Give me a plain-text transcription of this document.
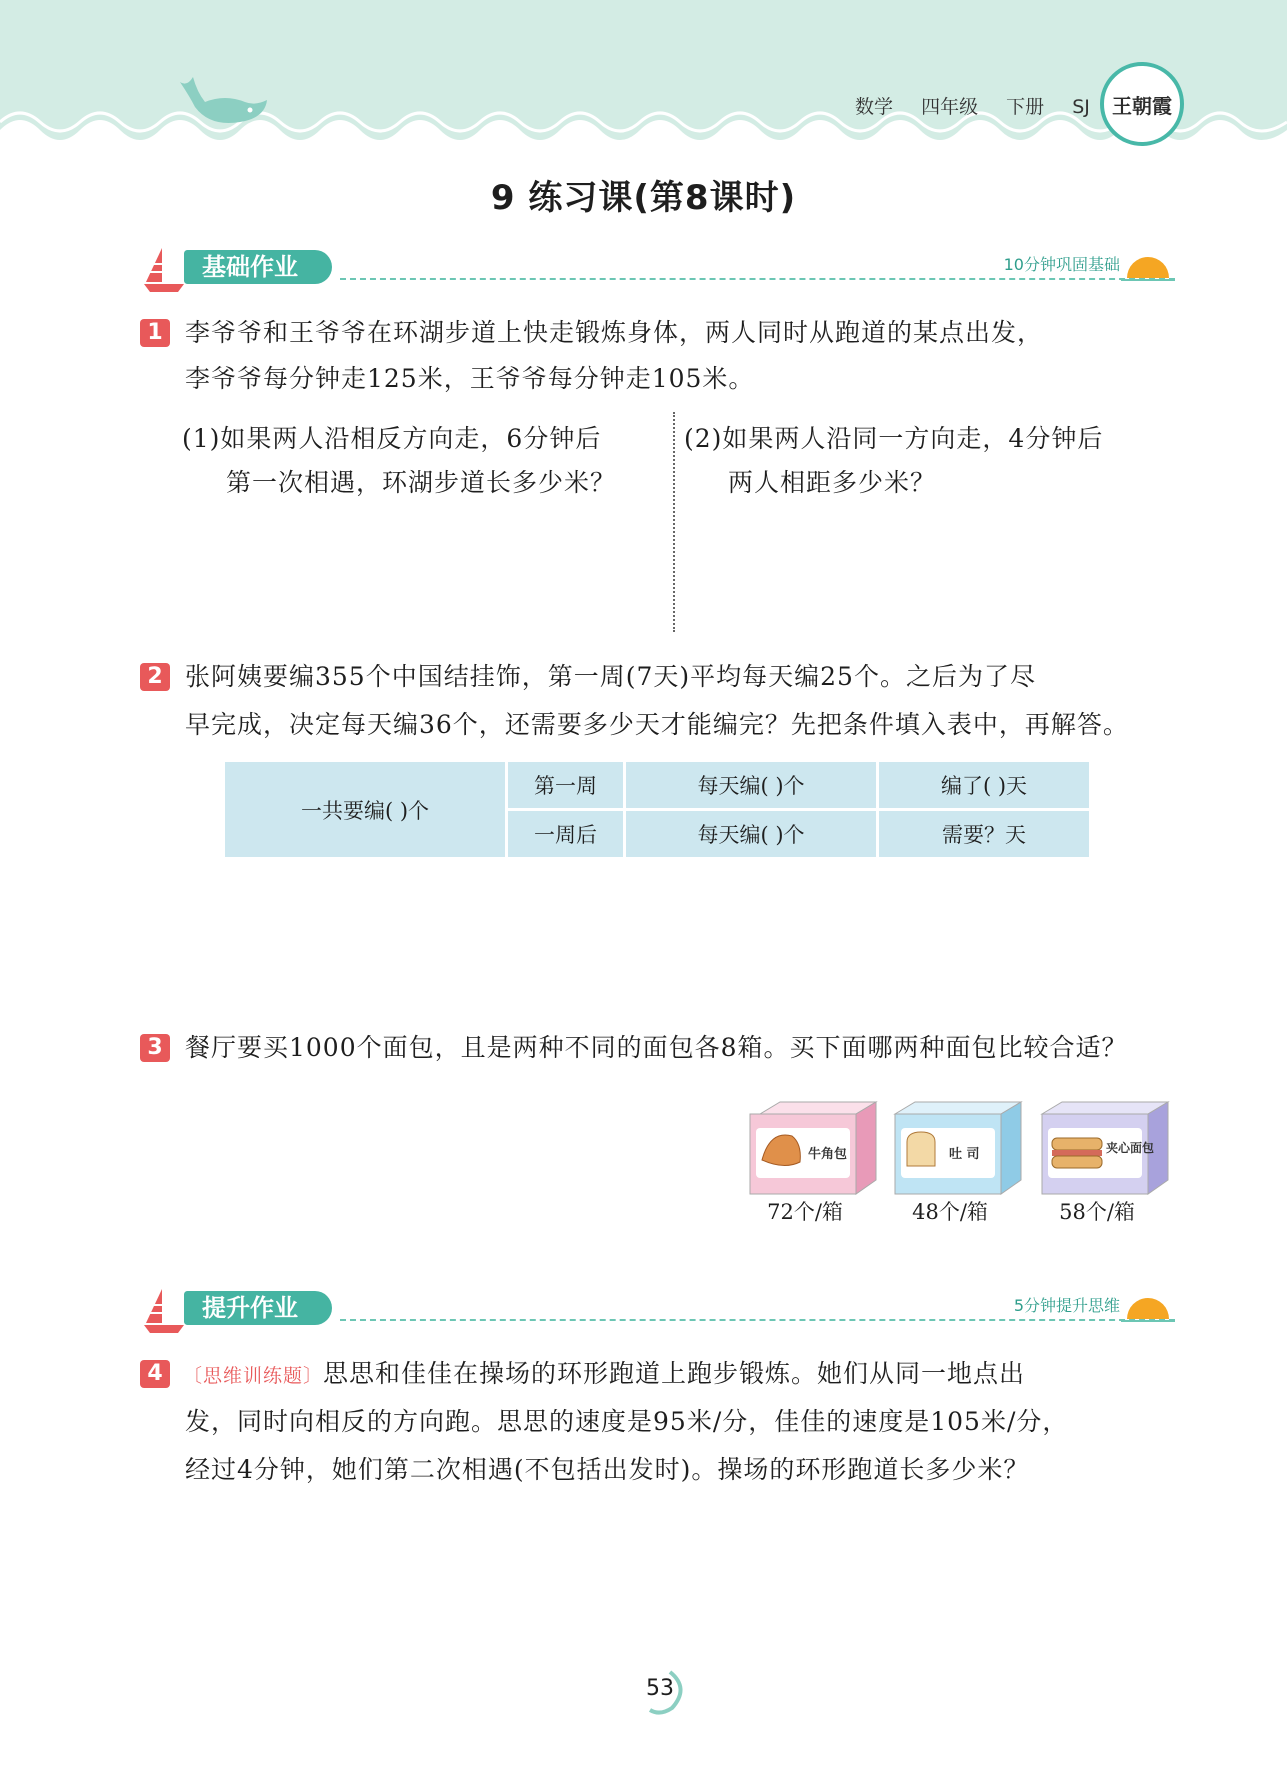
数学 四年级 下册 SJ	王朝霞
9 练习课(第8课时)
基础作业	10分钟巩固基础
1 李爷爷和王爷爷在环湖步道上快走锻炼身体，两人同时从跑道的某点出发，
李爷爷每分钟走125米，王爷爷每分钟走105米。
(1)如果两人沿相反方向走，6分钟后
第一次相遇，环湖步道长多少米？
(2)如果两人沿同一方向走，4分钟后
两人相距多少米？
2 张阿姨要编355个中国结挂饰，第一周(7天)平均每天编25个。之后为了尽
早完成，决定每天编36个，还需要多少天才能编完？先把条件填入表中，再解答。
一共要编( )个	第一周	每天编( )个	编了( )天
	一周后	每天编( )个	需要？天
3 餐厅要买1000个面包，且是两种不同的面包各8箱。买下面哪两种面包比较合适？
牛角包
72个/箱
吐 司
48个/箱
夹心面包
58个/箱
提升作业	5分钟提升思维
4	〔思维训练题〕思思和佳佳在操场的环形跑道上跑步锻炼。她们从同一地点出
发，同时向相反的方向跑。思思的速度是95米/分，佳佳的速度是105米/分，
经过4分钟，她们第二次相遇(不包括出发时)。操场的环形跑道长多少米？
53
